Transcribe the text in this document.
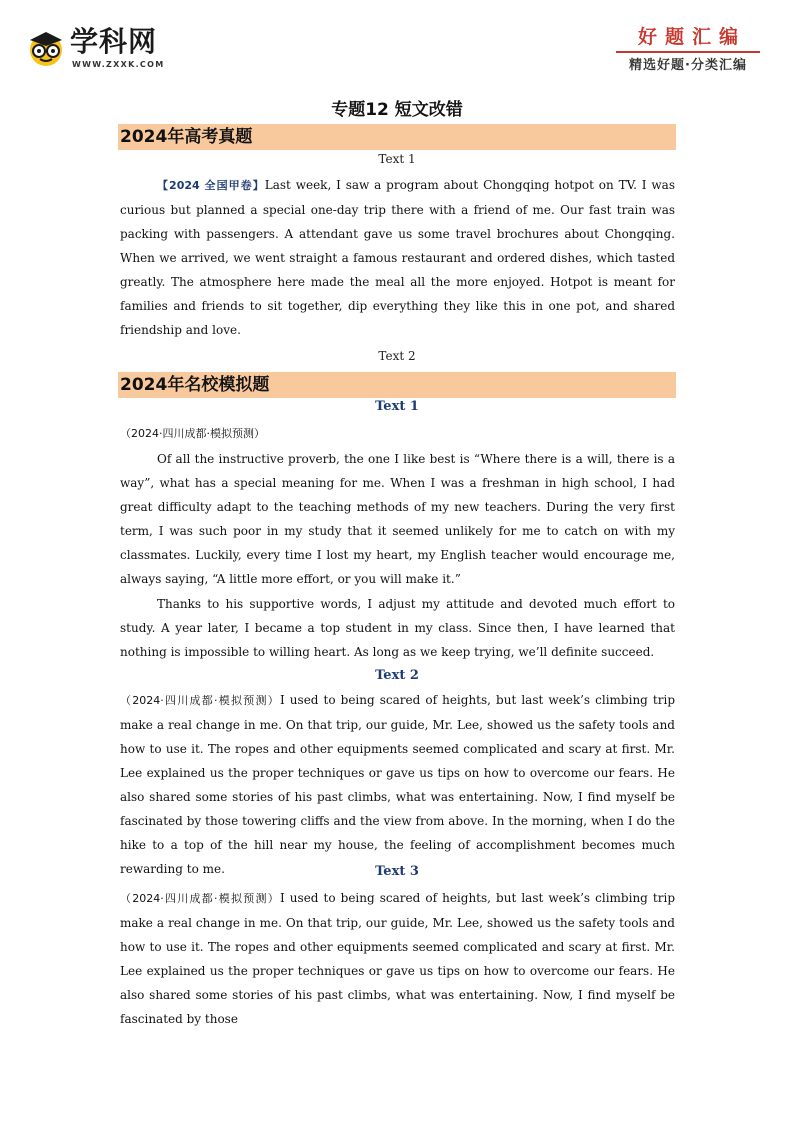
学科网
WWW.ZXXK.COM
好题汇编
精选好题·分类汇编
专题12 短文改错
2024年高考真题
Text 1
【2024 全国甲卷】Last week, I saw a program about Chongqing hotpot on TV. I was curious but planned a special one-day trip there with a friend of me. Our fast train was packing with passengers. A attendant gave us some travel brochures about Chongqing. When we arrived, we went straight a famous restaurant and ordered dishes, which tasted greatly. The atmosphere here made the meal all the more enjoyed. Hotpot is meant for families and friends to sit together, dip everything they like this in one pot, and shared friendship and love.
Text 2
2024年名校模拟题
Text 1
（2024·四川成都·模拟预测）
Of all the instructive proverb, the one I like best is “Where there is a will, there is a way”, what has a special meaning for me. When I was a freshman in high school, I had great difficulty adapt to the teaching methods of my new teachers. During the very first term, I was such poor in my study that it seemed unlikely for me to catch on with my classmates. Luckily, every time I lost my heart, my English teacher would encourage me, always saying, “A little more effort, or you will make it.”
Thanks to his supportive words, I adjust my attitude and devoted much effort to study. A year later, I became a top student in my class. Since then, I have learned that nothing is impossible to willing heart. As long as we keep trying, we’ll definite succeed.
Text 2
（2024·四川成都·模拟预测）I used to being scared of heights, but last week’s climbing trip make a real change in me. On that trip, our guide, Mr. Lee, showed us the safety tools and how to use it. The ropes and other equipments seemed complicated and scary at first. Mr. Lee explained us the proper techniques or gave us tips on how to overcome our fears. He also shared some stories of his past climbs, what was entertaining. Now, I find myself be fascinated by those towering cliffs and the view from above. In the morning, when I do the hike to a top of the hill near my house, the feeling of accomplishment becomes much rewarding to me.	Text 3
（2024·四川成都·模拟预测）I used to being scared of heights, but last week’s climbing trip make a real change in me. On that trip, our guide, Mr. Lee, showed us the safety tools and how to use it. The ropes and other equipments seemed complicated and scary at first. Mr. Lee explained us the proper techniques or gave us tips on how to overcome our fears. He also shared some stories of his past climbs, what was entertaining. Now, I find myself be fascinated by those
